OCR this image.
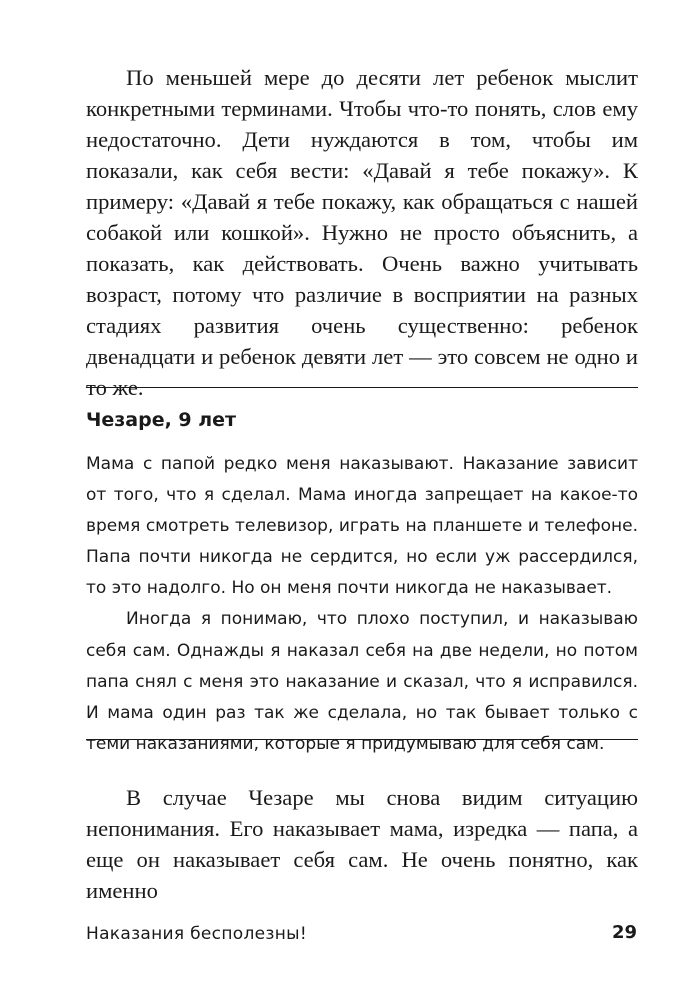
По меньшей мере до десяти лет ребенок мыслит конкретными терминами. Чтобы что-то понять, слов ему недостаточно. Дети нуждаются в том, чтобы им показали, как себя вести: «Давай я тебе покажу». К примеру: «Давай я тебе покажу, как обращаться с нашей собакой или кошкой». Нужно не просто объяснить, а показать, как действовать. Очень важно учитывать возраст, потому что различие в восприятии на разных стадиях развития очень существенно: ребенок двенадцати и ребенок девяти лет — это совсем не одно и то же.

Чезаре, 9 лет

Мама с папой редко меня наказывают. Наказание зависит от того, что я сделал. Мама иногда запрещает на какое-то время смотреть телевизор, играть на планшете и телефоне. Папа почти никогда не сердится, но если уж рассердился, то это надолго. Но он меня почти никогда не наказывает.

Иногда я понимаю, что плохо поступил, и наказываю себя сам. Однажды я наказал себя на две недели, но потом папа снял с меня это наказание и сказал, что я исправился. И мама один раз так же сделала, но так бывает только с теми наказаниями, которые я придумываю для себя сам.

В случае Чезаре мы снова видим ситуацию непонимания. Его наказывает мама, изредка — папа, а еще он наказывает себя сам. Не очень понятно, как именно

Наказания бесполезны!	29
